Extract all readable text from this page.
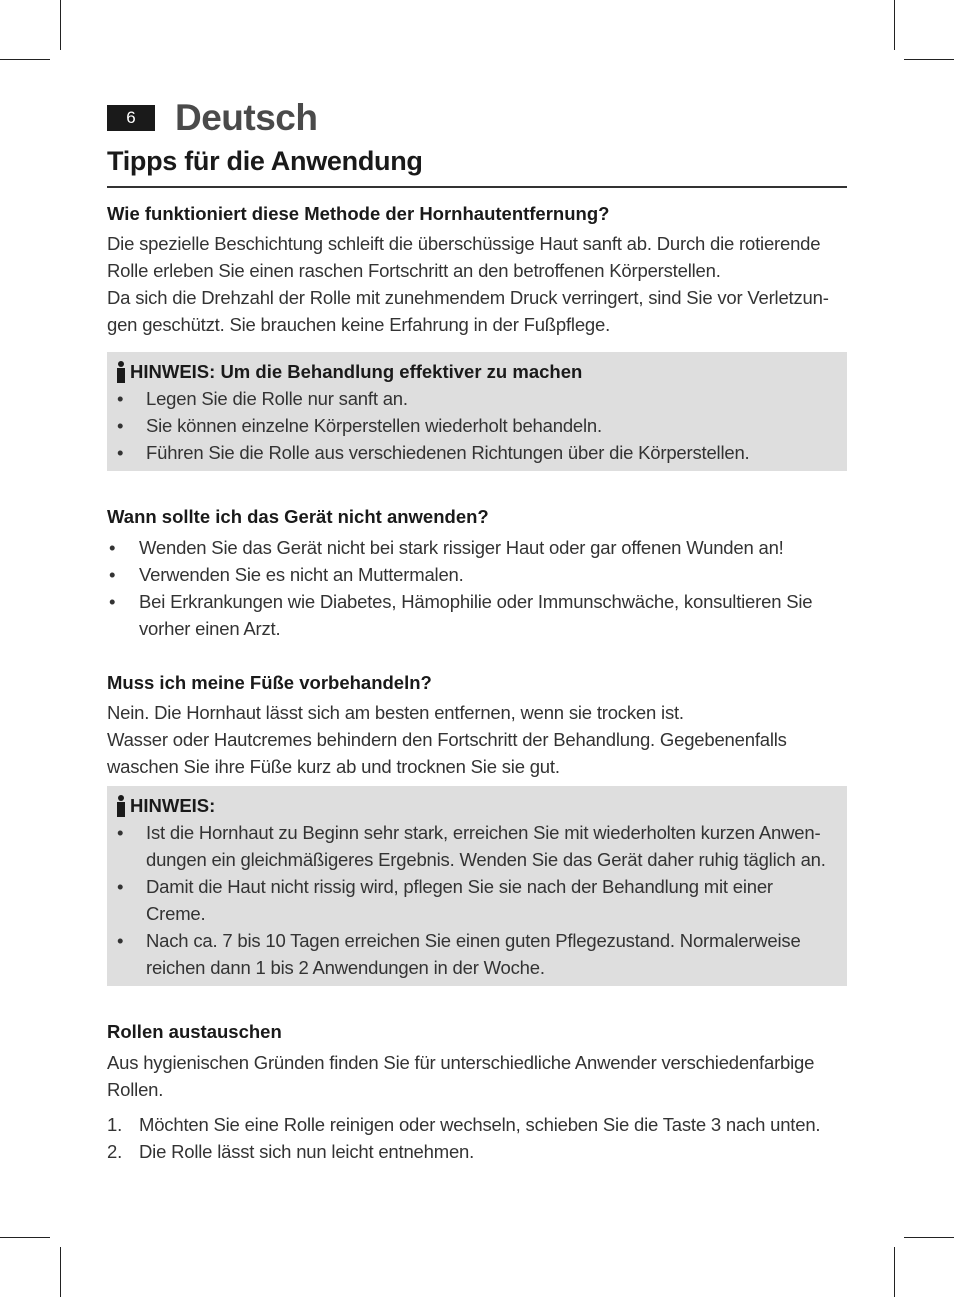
6	Deutsch
Tipps für die Anwendung
Wie funktioniert diese Methode der Hornhautentfernung?

Die spezielle Beschichtung schleift die überschüssige Haut sanft ab. Durch die rotierende Rolle erleben Sie einen raschen Fortschritt an den betroffenen Körperstellen.

Da sich die Drehzahl der Rolle mit zunehmendem Druck verringert, sind Sie vor Verletzungen geschützt. Sie brauchen keine Erfahrung in der Fußpflege.

HINWEIS: Um die Behandlung effektiver zu machen
• Legen Sie die Rolle nur sanft an.
• Sie können einzelne Körperstellen wiederholt behandeln.
• Führen Sie die Rolle aus verschiedenen Richtungen über die Körperstellen.
Wann sollte ich das Gerät nicht anwenden?
• Wenden Sie das Gerät nicht bei stark rissiger Haut oder gar offenen Wunden an!
• Verwenden Sie es nicht an Muttermalen.
• Bei Erkrankungen wie Diabetes, Hämophilie oder Immunschwäche, konsultieren Sie vorher einen Arzt.
Muss ich meine Füße vorbehandeln?

Nein. Die Hornhaut lässt sich am besten entfernen, wenn sie trocken ist.

Wasser oder Hautcremes behindern den Fortschritt der Behandlung. Gegebenenfalls waschen Sie ihre Füße kurz ab und trocknen Sie sie gut.

HINWEIS:
• Ist die Hornhaut zu Beginn sehr stark, erreichen Sie mit wiederholten kurzen Anwendungen ein gleichmäßigeres Ergebnis. Wenden Sie das Gerät daher ruhig täglich an.
• Damit die Haut nicht rissig wird, pflegen Sie sie nach der Behandlung mit einer Creme.
• Nach ca. 7 bis 10 Tagen erreichen Sie einen guten Pflegezustand. Normalerweise reichen dann 1 bis 2 Anwendungen in der Woche.
Rollen austauschen

Aus hygienischen Gründen finden Sie für unterschiedliche Anwender verschiedenfarbige Rollen.

1. Möchten Sie eine Rolle reinigen oder wechseln, schieben Sie die Taste 3 nach unten.
2. Die Rolle lässt sich nun leicht entnehmen.
